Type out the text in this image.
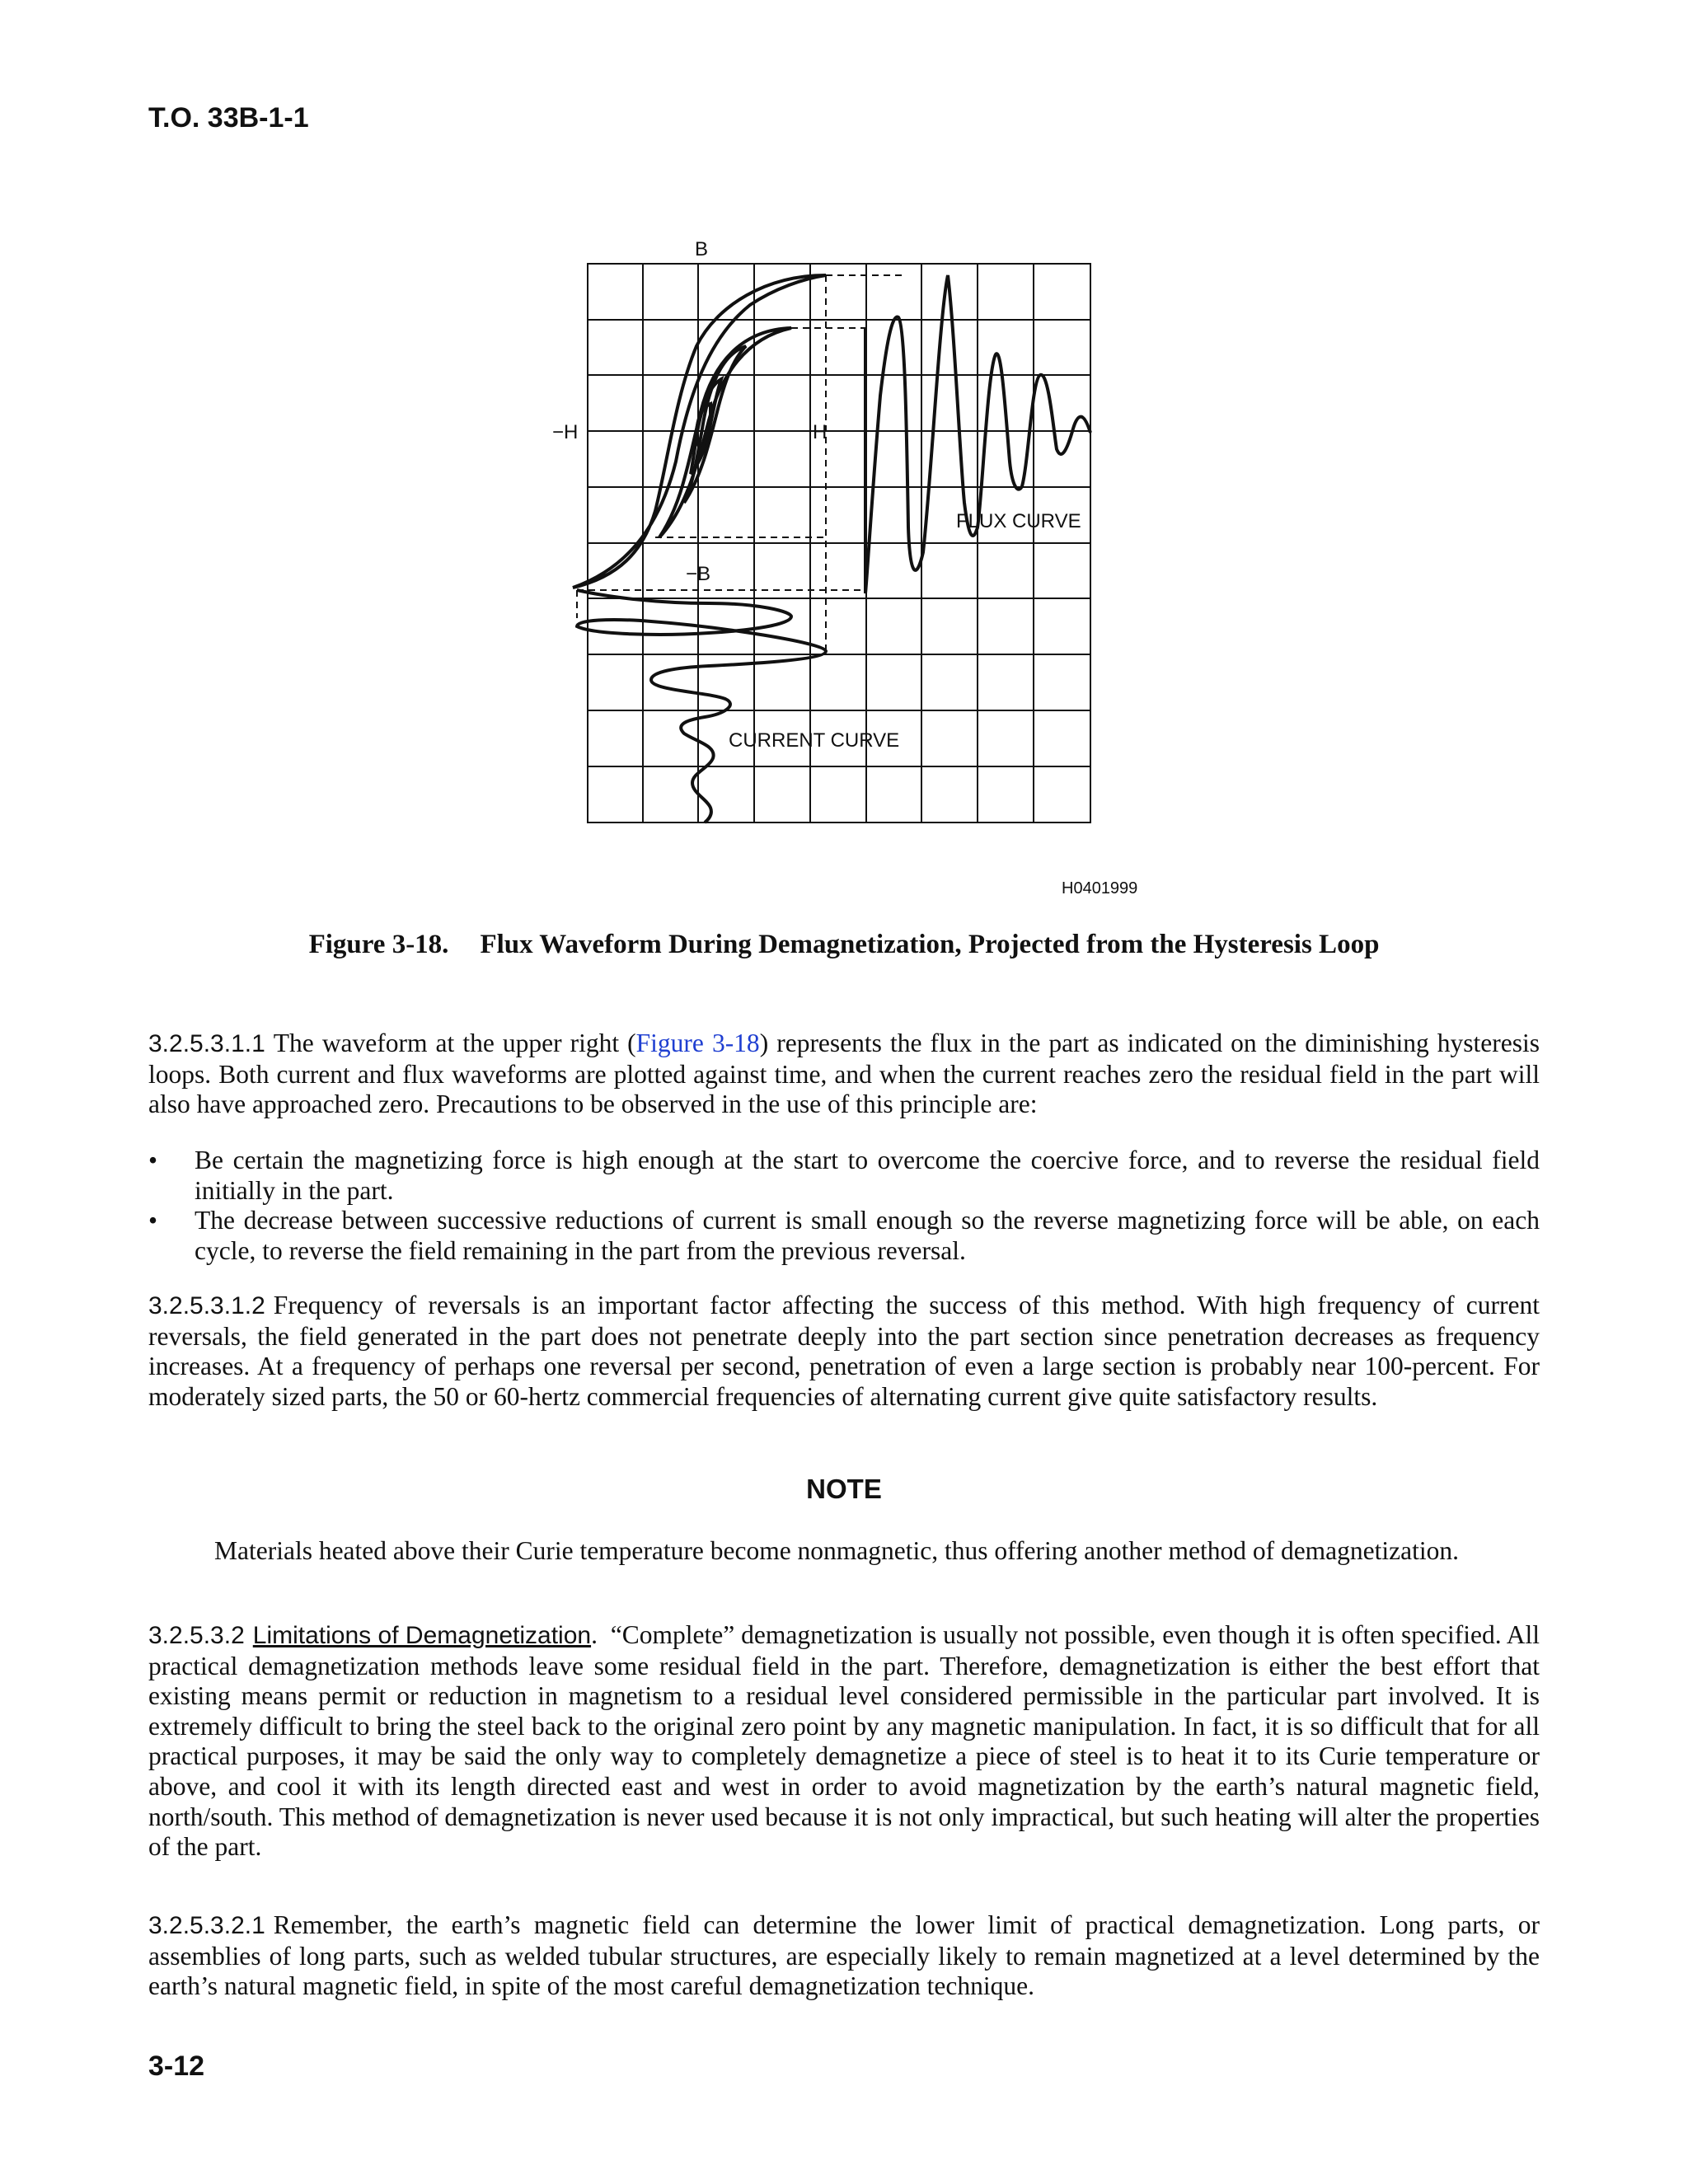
T.O. 33B-1-1
B
−H	H
−B
FLUX CURVE
CURRENT CURVE
H0401999
Figure 3-18. Flux Waveform During Demagnetization, Projected from the Hysteresis Loop
3.2.5.3.1.1 The waveform at the upper right (Figure 3-18) represents the flux in the part as indicated on the diminishing hysteresis loops. Both current and flux waveforms are plotted against time, and when the current reaches zero the residual field in the part will also have approached zero. Precautions to be observed in the use of this principle are:
• Be certain the magnetizing force is high enough at the start to overcome the coercive force, and to reverse the residual field initially in the part.
• The decrease between successive reductions of current is small enough so the reverse magnetizing force will be able, on each cycle, to reverse the field remaining in the part from the previous reversal.
3.2.5.3.1.2 Frequency of reversals is an important factor affecting the success of this method. With high frequency of current reversals, the field generated in the part does not penetrate deeply into the part section since penetration decreases as frequency increases. At a frequency of perhaps one reversal per second, penetration of even a large section is probably near 100-percent. For moderately sized parts, the 50 or 60-hertz commercial frequencies of alternating current give quite satisfactory results.
NOTE
Materials heated above their Curie temperature become nonmagnetic, thus offering another method of demagnetization.
3.2.5.3.2 Limitations of Demagnetization.  “Complete” demagnetization is usually not possible, even though it is often specified. All practical demagnetization methods leave some residual field in the part. Therefore, demagnetization is either the best effort that existing means permit or reduction in magnetism to a residual level considered permissible in the particular part involved. It is extremely difficult to bring the steel back to the original zero point by any magnetic manipulation. In fact, it is so difficult that for all practical purposes, it may be said the only way to completely demagnetize a piece of steel is to heat it to its Curie temperature or above, and cool it with its length directed east and west in order to avoid magnetization by the earth’s natural magnetic field, north/south. This method of demagnetization is never used because it is not only impractical, but such heating will alter the properties of the part.
3.2.5.3.2.1 Remember, the earth’s magnetic field can determine the lower limit of practical demagnetization. Long parts, or assemblies of long parts, such as welded tubular structures, are especially likely to remain magnetized at a level determined by the earth’s natural magnetic field, in spite of the most careful demagnetization technique.
3-12
